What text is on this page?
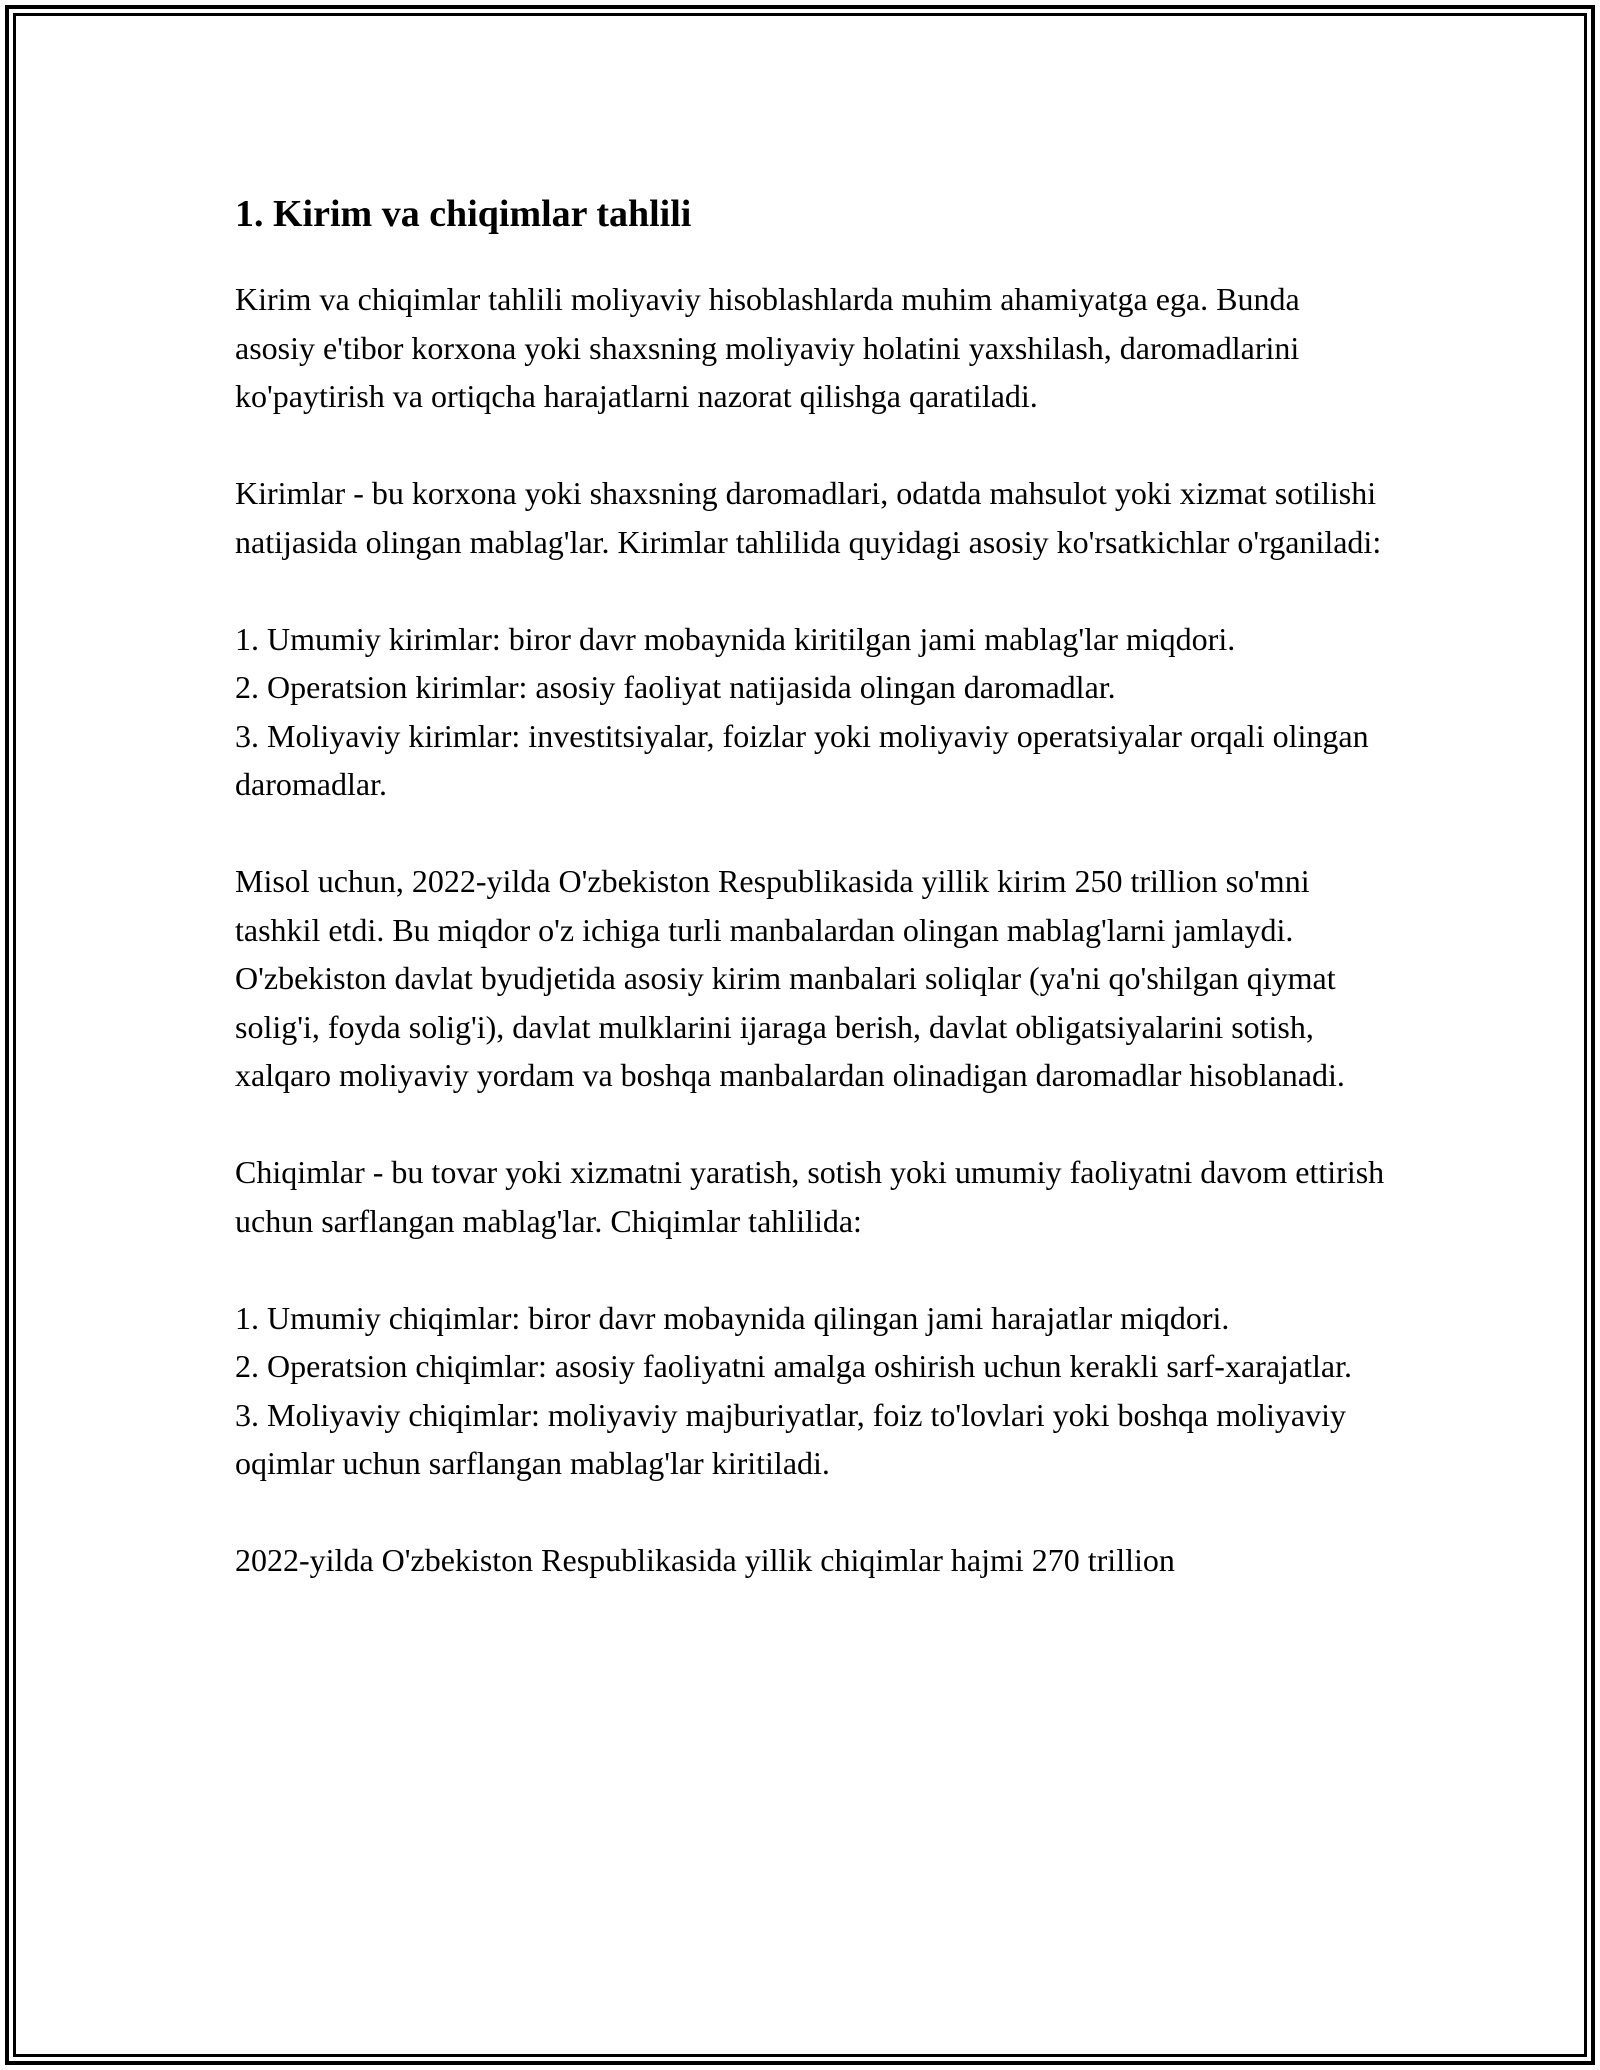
1. Kirim va chiqimlar tahlili

Kirim va chiqimlar tahlili moliyaviy hisoblashlarda muhim ahamiyatga ega. Bunda asosiy e'tibor korxona yoki shaxsning moliyaviy holatini yaxshilash, daromadlarini ko'paytirish va ortiqcha harajatlarni nazorat qilishga qaratiladi.

Kirimlar - bu korxona yoki shaxsning daromadlari, odatda mahsulot yoki xizmat sotilishi natijasida olingan mablag'lar. Kirimlar tahlilida quyidagi asosiy ko'rsatkichlar o'rganiladi:

1. Umumiy kirimlar: biror davr mobaynida kiritilgan jami mablag'lar miqdori.
2. Operatsion kirimlar: asosiy faoliyat natijasida olingan daromadlar.
3. Moliyaviy kirimlar: investitsiyalar, foizlar yoki moliyaviy operatsiyalar orqali olingan daromadlar.

Misol uchun, 2022-yilda O'zbekiston Respublikasida yillik kirim 250 trillion so'mni tashkil etdi. Bu miqdor o'z ichiga turli manbalardan olingan mablag'larni jamlaydi. O'zbekiston davlat byudjetida asosiy kirim manbalari soliqlar (ya'ni qo'shilgan qiymat solig'i, foyda solig'i), davlat mulklarini ijaraga berish, davlat obligatsiyalarini sotish, xalqaro moliyaviy yordam va boshqa manbalardan olinadigan daromadlar hisoblanadi.

Chiqimlar - bu tovar yoki xizmatni yaratish, sotish yoki umumiy faoliyatni davom ettirish uchun sarflangan mablag'lar. Chiqimlar tahlilida:

1. Umumiy chiqimlar: biror davr mobaynida qilingan jami harajatlar miqdori.
2. Operatsion chiqimlar: asosiy faoliyatni amalga oshirish uchun kerakli sarf-xarajatlar.
3. Moliyaviy chiqimlar: moliyaviy majburiyatlar, foiz to'lovlari yoki boshqa moliyaviy oqimlar uchun sarflangan mablag'lar kiritiladi.

2022-yilda O'zbekiston Respublikasida yillik chiqimlar hajmi 270 trillion
